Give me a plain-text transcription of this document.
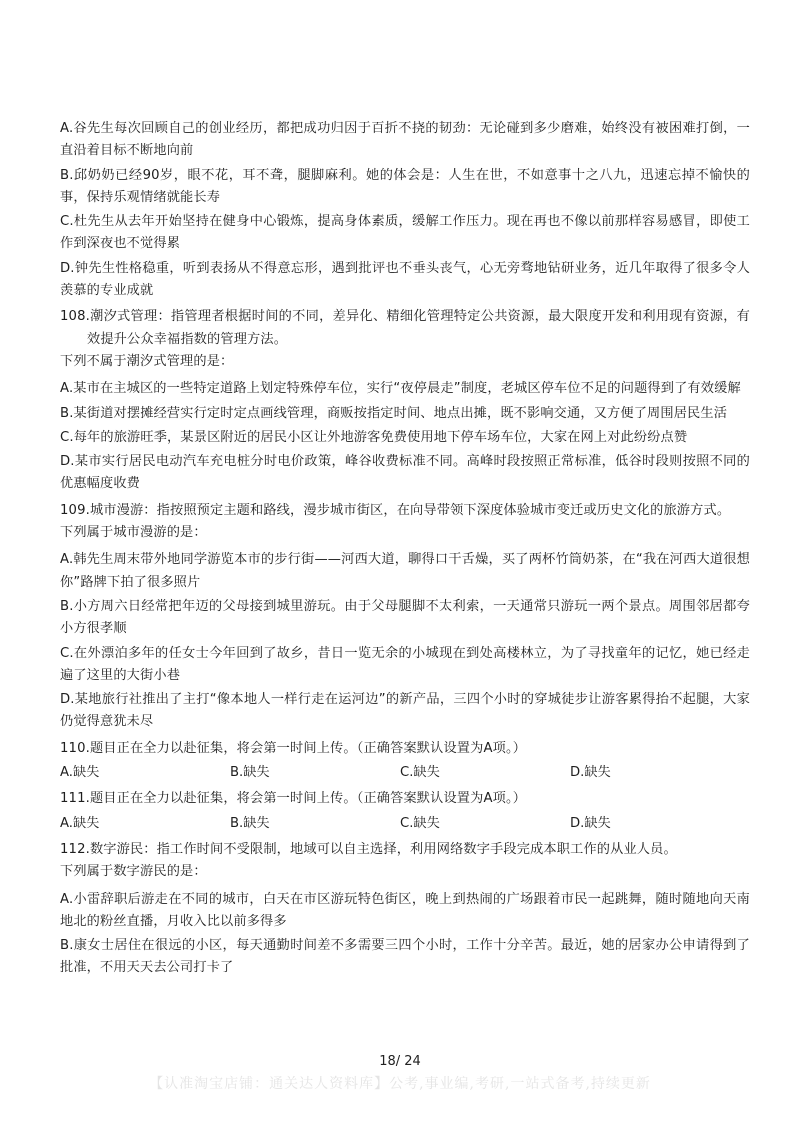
A.谷先生每次回顾自己的创业经历，都把成功归因于百折不挠的韧劲：无论碰到多少磨难，始终没有被困难打倒，一直沿着目标不断地向前

B.邱奶奶已经90岁，眼不花，耳不聋，腿脚麻利。她的体会是：人生在世，不如意事十之八九，迅速忘掉不愉快的事，保持乐观情绪就能长寿

C.杜先生从去年开始坚持在健身中心锻炼，提高身体素质，缓解工作压力。现在再也不像以前那样容易感冒，即使工作到深夜也不觉得累

D.钟先生性格稳重，听到表扬从不得意忘形，遇到批评也不垂头丧气，心无旁骛地钻研业务，近几年取得了很多令人羡慕的专业成就

108.潮汐式管理：指管理者根据时间的不同，差异化、精细化管理特定公共资源，最大限度开发和利用现有资源，有效提升公众幸福指数的管理方法。

下列不属于潮汐式管理的是：

A.某市在主城区的一些特定道路上划定特殊停车位，实行“夜停晨走”制度，老城区停车位不足的问题得到了有效缓解

B.某街道对摆摊经营实行定时定点画线管理，商贩按指定时间、地点出摊，既不影响交通，又方便了周围居民生活

C.每年的旅游旺季，某景区附近的居民小区让外地游客免费使用地下停车场车位，大家在网上对此纷纷点赞

D.某市实行居民电动汽车充电桩分时电价政策，峰谷收费标准不同。高峰时段按照正常标准，低谷时段则按照不同的优惠幅度收费

109.城市漫游：指按照预定主题和路线，漫步城市街区，在向导带领下深度体验城市变迁或历史文化的旅游方式。

下列属于城市漫游的是：

A.韩先生周末带外地同学游览本市的步行街——河西大道，聊得口干舌燥，买了两杯竹筒奶茶，在“我在河西大道很想你”路牌下拍了很多照片

B.小方周六日经常把年迈的父母接到城里游玩。由于父母腿脚不太利索，一天通常只游玩一两个景点。周围邻居都夸小方很孝顺

C.在外漂泊多年的任女士今年回到了故乡，昔日一览无余的小城现在到处高楼林立，为了寻找童年的记忆，她已经走遍了这里的大街小巷

D.某地旅行社推出了主打“像本地人一样行走在运河边”的新产品，三四个小时的穿城徒步让游客累得抬不起腿，大家仍觉得意犹未尽

110.题目正在全力以赴征集，将会第一时间上传。（正确答案默认设置为A项。）

A.缺失	B.缺失	C.缺失	D.缺失

111.题目正在全力以赴征集，将会第一时间上传。（正确答案默认设置为A项。）

A.缺失	B.缺失	C.缺失	D.缺失

112.数字游民：指工作时间不受限制，地域可以自主选择，利用网络数字手段完成本职工作的从业人员。

下列属于数字游民的是：

A.小雷辞职后游走在不同的城市，白天在市区游玩特色街区，晚上到热闹的广场跟着市民一起跳舞，随时随地向天南地北的粉丝直播，月收入比以前多得多

B.康女士居住在很远的小区，每天通勤时间差不多需要三四个小时，工作十分辛苦。最近，她的居家办公申请得到了批准，不用天天去公司打卡了

18/ 24
【认准淘宝店铺：通关达人资料库】公考,事业编,考研,一站式备考,持续更新
